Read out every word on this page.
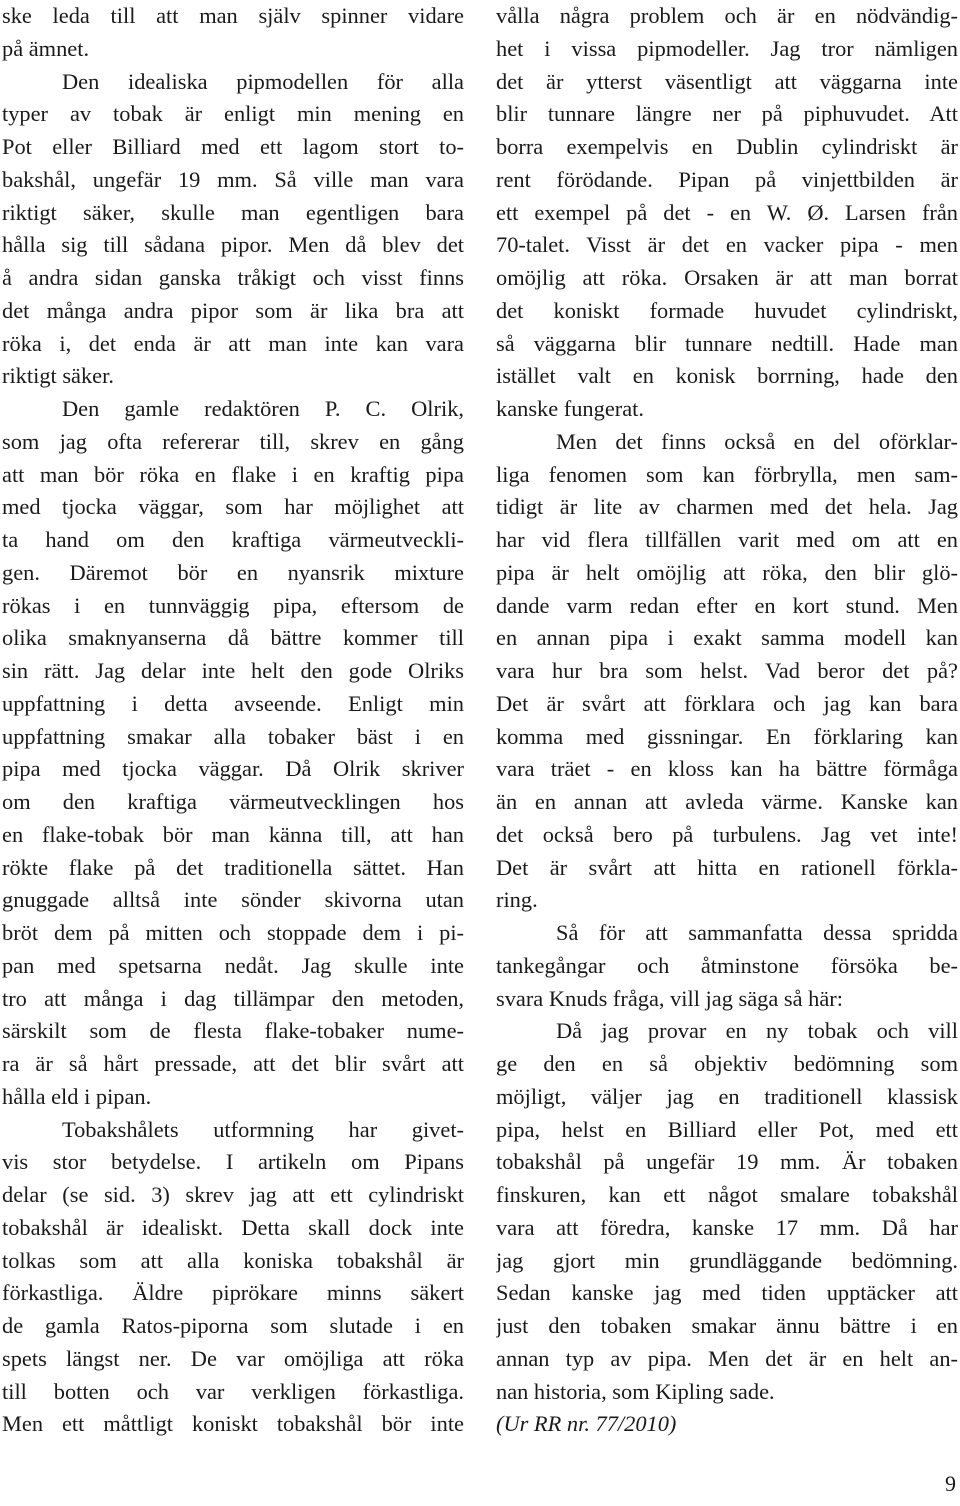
ske leda till att man själv spinner vidare
på ämnet.
Den idealiska pipmodellen för alla
typer av tobak är enligt min mening en
Pot eller Billiard med ett lagom stort to-
bakshål, ungefär 19 mm. Så ville man vara
riktigt säker, skulle man egentligen bara
hålla sig till sådana pipor. Men då blev det
å andra sidan ganska tråkigt och visst finns
det många andra pipor som är lika bra att
röka i, det enda är att man inte kan vara
riktigt säker.
Den gamle redaktören P. C. Olrik,
som jag ofta refererar till, skrev en gång
att man bör röka en flake i en kraftig pipa
med tjocka väggar, som har möjlighet att
ta hand om den kraftiga värmeutveckli-
gen. Däremot bör en nyansrik mixture
rökas i en tunnväggig pipa, eftersom de
olika smaknyanserna då bättre kommer till
sin rätt. Jag delar inte helt den gode Olriks
uppfattning i detta avseende. Enligt min
uppfattning smakar alla tobaker bäst i en
pipa med tjocka väggar. Då Olrik skriver
om den kraftiga värmeutvecklingen hos
en flake-tobak bör man känna till, att han
rökte flake på det traditionella sättet. Han
gnuggade alltså inte sönder skivorna utan
bröt dem på mitten och stoppade dem i pi-
pan med spetsarna nedåt. Jag skulle inte
tro att många i dag tillämpar den metoden,
särskilt som de flesta flake-tobaker nume-
ra är så hårt pressade, att det blir svårt att
hålla eld i pipan.
Tobakshålets utformning har givet-
vis stor betydelse. I artikeln om Pipans
delar (se sid. 3) skrev jag att ett cylindriskt
tobakshål är idealiskt. Detta skall dock inte
tolkas som att alla koniska tobakshål är
förkastliga. Äldre piprökare minns säkert
de gamla Ratos-piporna som slutade i en
spets längst ner. De var omöjliga att röka
till botten och var verkligen förkastliga.
Men ett måttligt koniskt tobakshål bör inte
vålla några problem och är en nödvändig-
het i vissa pipmodeller. Jag tror nämligen
det är ytterst väsentligt att väggarna inte
blir tunnare längre ner på piphuvudet. Att
borra exempelvis en Dublin cylindriskt är
rent förödande. Pipan på vinjettbilden är
ett exempel på det - en W. Ø. Larsen från
70-talet. Visst är det en vacker pipa - men
omöjlig att röka. Orsaken är att man borrat
det koniskt formade huvudet cylindriskt,
så väggarna blir tunnare nedtill. Hade man
istället valt en konisk borrning, hade den
kanske fungerat.
Men det finns också en del oförklar-
liga fenomen som kan förbrylla, men sam-
tidigt är lite av charmen med det hela. Jag
har vid flera tillfällen varit med om att en
pipa är helt omöjlig att röka, den blir glö-
dande varm redan efter en kort stund. Men
en annan pipa i exakt samma modell kan
vara hur bra som helst. Vad beror det på?
Det är svårt att förklara och jag kan bara
komma med gissningar. En förklaring kan
vara träet - en kloss kan ha bättre förmåga
än en annan att avleda värme. Kanske kan
det också bero på turbulens. Jag vet inte!
Det är svårt att hitta en rationell förkla-
ring.
Så för att sammanfatta dessa spridda
tankegångar och åtminstone försöka be-
svara Knuds fråga, vill jag säga så här:
Då jag provar en ny tobak och vill
ge den en så objektiv bedömning som
möjligt, väljer jag en traditionell klassisk
pipa, helst en Billiard eller Pot, med ett
tobakshål på ungefär 19 mm. Är tobaken
finskuren, kan ett något smalare tobakshål
vara att föredra, kanske 17 mm. Då har
jag gjort min grundläggande bedömning.
Sedan kanske jag med tiden upptäcker att
just den tobaken smakar ännu bättre i en
annan typ av pipa. Men det är en helt an-
nan historia, som Kipling sade.
(Ur RR nr. 77/2010)
9
